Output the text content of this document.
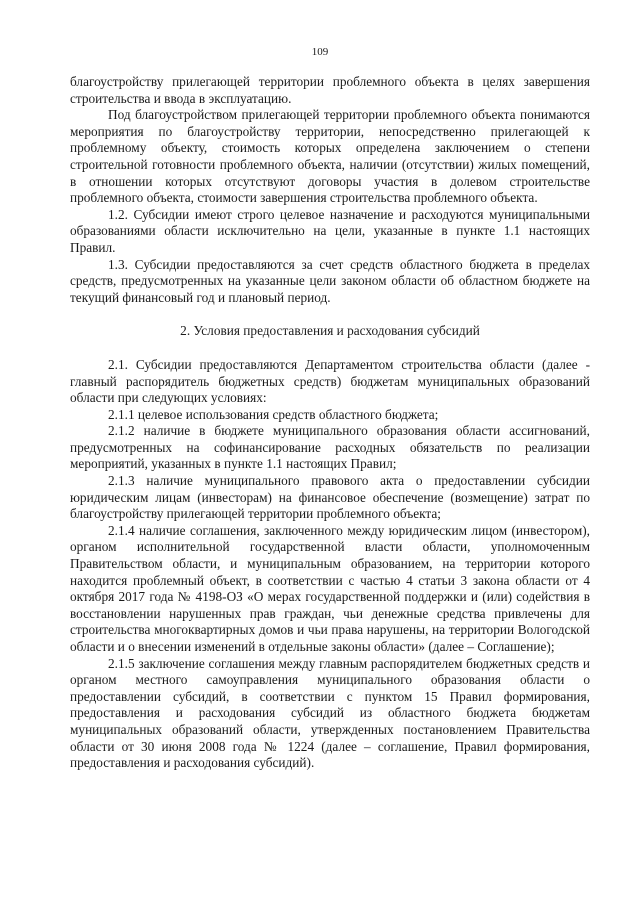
109

благоустройству прилегающей территории проблемного объекта в целях завершения строительства и ввода в эксплуатацию.

Под благоустройством прилегающей территории проблемного объекта понимаются мероприятия по благоустройству территории, непосредственно прилегающей к проблемному объекту, стоимость которых определена заключением о степени строительной готовности проблемного объекта, наличии (отсутствии) жилых помещений, в отношении которых отсутствуют договоры участия в долевом строительстве проблемного объекта, стоимости завершения строительства проблемного объекта.

1.2. Субсидии имеют строго целевое назначение и расходуются муниципальными образованиями области исключительно на цели, указанные в пункте 1.1 настоящих Правил.

1.3. Субсидии предоставляются за счет средств областного бюджета в пределах средств, предусмотренных на указанные цели законом области об областном бюджете на текущий финансовый год и плановый период.

2. Условия предоставления и расходования субсидий

2.1. Субсидии предоставляются Департаментом строительства области (далее - главный распорядитель бюджетных средств) бюджетам муниципальных образований области при следующих условиях:

2.1.1 целевое использования средств областного бюджета;

2.1.2 наличие в бюджете муниципального образования области ассигнований, предусмотренных на софинансирование расходных обязательств по реализации мероприятий, указанных в пункте 1.1 настоящих Правил;

2.1.3 наличие муниципального правового акта о предоставлении субсидии юридическим лицам (инвесторам) на финансовое обеспечение (возмещение) затрат по благоустройству прилегающей территории проблемного объекта;

2.1.4 наличие соглашения, заключенного между юридическим лицом (инвестором), органом исполнительной государственной власти области, уполномоченным Правительством области, и муниципальным образованием, на территории которого находится проблемный объект, в соответствии с частью 4 статьи 3 закона области от 4 октября 2017 года № 4198-ОЗ «О мерах государственной поддержки и (или) содействия в восстановлении нарушенных прав граждан, чьи денежные средства привлечены для строительства многоквартирных домов и чьи права нарушены, на территории Вологодской области и о внесении изменений в отдельные законы области» (далее – Соглашение);

2.1.5 заключение соглашения между главным распорядителем бюджетных средств и органом местного самоуправления муниципального образования области о предоставлении субсидий, в соответствии с пунктом 15 Правил формирования, предоставления и расходования субсидий из областного бюджета бюджетам муниципальных образований области, утвержденных постановлением Правительства области от 30 июня 2008 года № 1224 (далее – соглашение, Правил формирования, предоставления и расходования субсидий).
